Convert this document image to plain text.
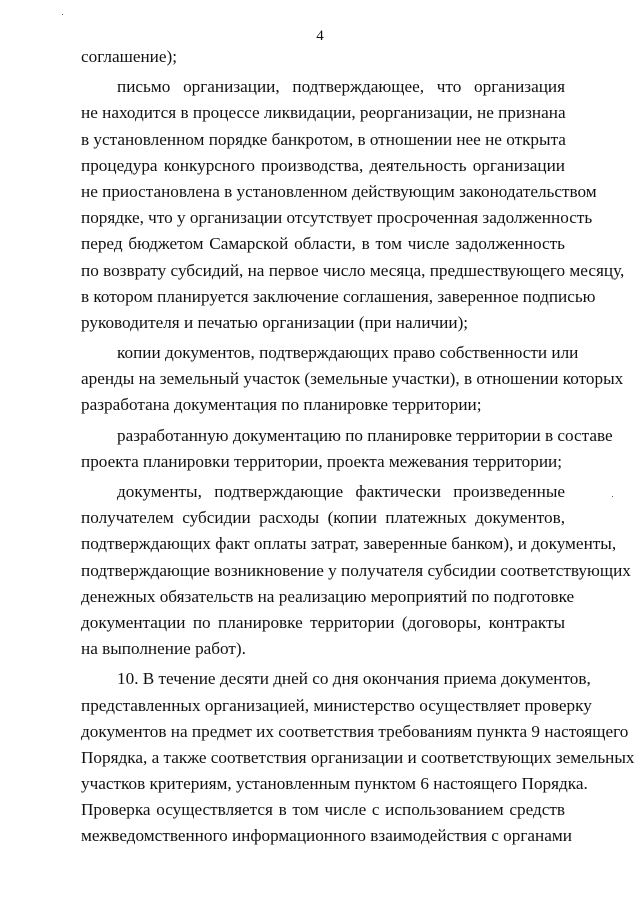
4
соглашение);
письмо организации, подтверждающее, что организация
не находится в процессе ликвидации, реорганизации, не признана
в установленном порядке банкротом, в отношении нее не открыта
процедура конкурсного производства, деятельность организации
не приостановлена в установленном действующим законодательством
порядке, что у организации отсутствует просроченная задолженность
перед бюджетом Самарской области, в том числе задолженность
по возврату субсидий, на первое число месяца, предшествующего месяцу,
в котором планируется заключение соглашения, заверенное подписью
руководителя и печатью организации (при наличии);
копии документов, подтверждающих право собственности или
аренды на земельный участок (земельные участки), в отношении которых
разработана документация по планировке территории;
разработанную документацию по планировке территории в составе
проекта планировки территории, проекта межевания территории;
документы, подтверждающие фактически произведенные
получателем субсидии расходы (копии платежных документов,
подтверждающих факт оплаты затрат, заверенные банком), и документы,
подтверждающие возникновение у получателя субсидии соответствующих
денежных обязательств на реализацию мероприятий по подготовке
документации по планировке территории (договоры, контракты
на выполнение работ).
10. В течение десяти дней со дня окончания приема документов,
представленных организацией, министерство осуществляет проверку
документов на предмет их соответствия требованиям пункта 9 настоящего
Порядка, а также соответствия организации и соответствующих земельных
участков критериям, установленным пунктом 6 настоящего Порядка.
Проверка осуществляется в том числе с использованием средств
межведомственного информационного взаимодействия с органами
